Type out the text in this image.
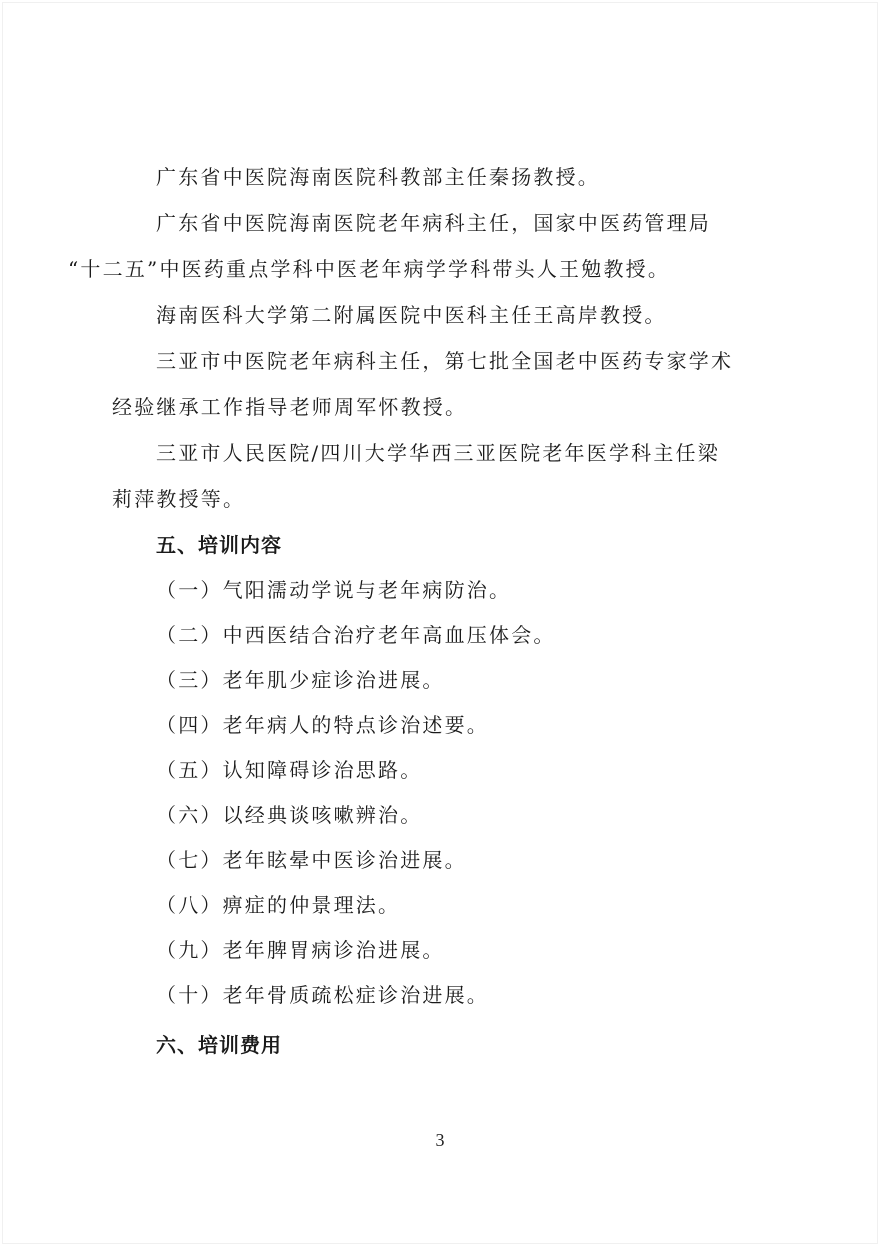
广东省中医院海南医院科教部主任秦扬教授。

广东省中医院海南医院老年病科主任，国家中医药管理局
“十二五”中医药重点学科中医老年病学学科带头人王勉教授。

海南医科大学第二附属医院中医科主任王高岸教授。

三亚市中医院老年病科主任，第七批全国老中医药专家学术
经验继承工作指导老师周军怀教授。

三亚市人民医院/四川大学华西三亚医院老年医学科主任梁
莉萍教授等。

五、培训内容

（一）气阳濡动学说与老年病防治。

（二）中西医结合治疗老年高血压体会。

（三）老年肌少症诊治进展。

（四）老年病人的特点诊治述要。

（五）认知障碍诊治思路。

（六）以经典谈咳嗽辨治。

（七）老年眩晕中医诊治进展。

（八）痹症的仲景理法。

（九）老年脾胃病诊治进展。

（十）老年骨质疏松症诊治进展。

六、培训费用
3
